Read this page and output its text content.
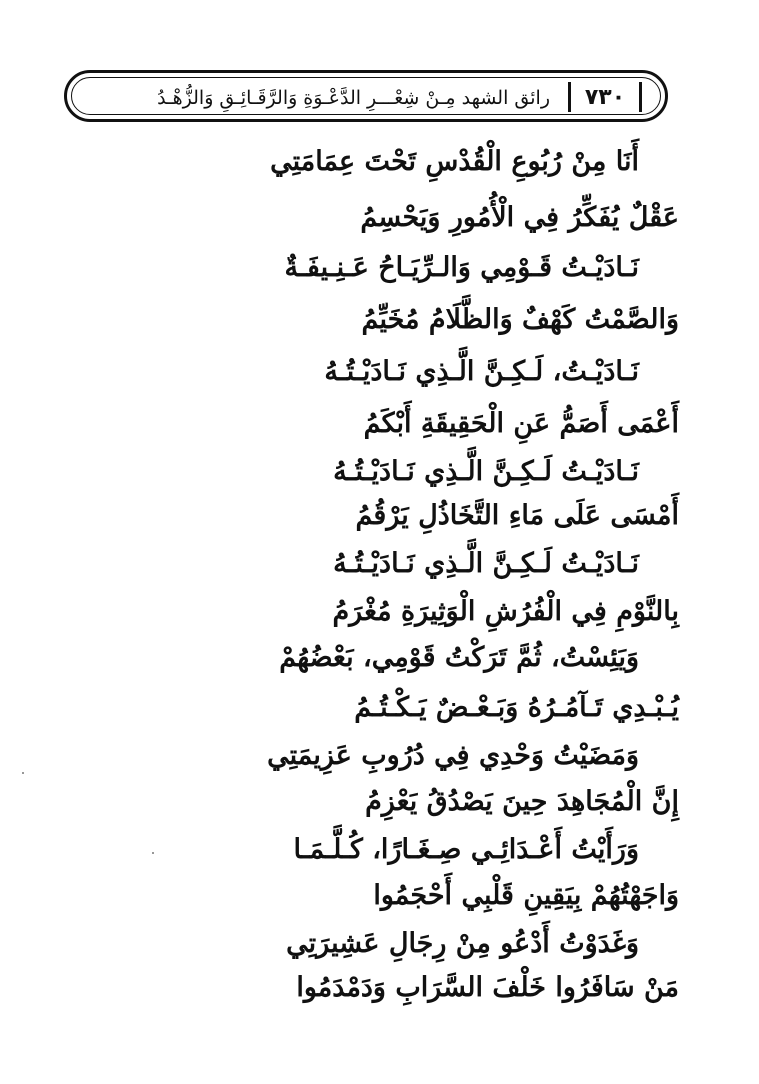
٧٣٠
رائق الشهد مِـنْ شِعْـــرِ الدَّعْـوَةِ وَالرَّقَـائِـقِ وَالزُّهْـدُ
أَنَا مِنْ رُبُوعِ الْقُدْسِ تَحْتَ عِمَامَتِي
عَقْلٌ يُفَكِّرُ فِي الْأُمُورِ وَيَحْسِمُ
نَـادَيْـتُ قَـوْمِي وَالـرِّيَـاحُ عَـنِـيفَـةٌ
وَالصَّمْتُ كَهْفٌ وَالظَّلَامُ مُخَيِّمُ
نَـادَيْـتُ، لَـكِـنَّ الَّـذِي نَـادَيْـتُـهُ
أَعْمَى أَصَمُّ عَنِ الْحَقِيقَةِ أَبْكَمُ
نَـادَيْـتُ لَـكِـنَّ الَّـذِي نَـادَيْـتُـهُ
أَمْسَى عَلَى مَاءِ التَّخَاذُلِ يَرْقُمُ
نَـادَيْـتُ لَـكِـنَّ الَّـذِي نَـادَيْـتُـهُ
بِالنَّوْمِ فِي الْفُرُشِ الْوَثِيرَةِ مُغْرَمُ
وَيَئِسْتُ، ثُمَّ تَرَكْتُ قَوْمِي، بَعْضُهُمْ
يُـبْـدِي تَـآمُـرُهُ وَبَـعْـضٌ يَـكْـتُـمُ
وَمَضَيْتُ وَحْدِي فِي دُرُوبِ عَزِيمَتِي
إِنَّ الْمُجَاهِدَ حِينَ يَصْدُقُ يَعْزِمُ
وَرَأَيْتُ أَعْـدَائِـي صِـغَـارًا، كُـلَّـمَـا
وَاجَهْتُهُمْ بِيَقِينِ قَلْبِي أَحْجَمُوا
وَغَدَوْتُ أَدْعُو مِنْ رِجَالِ عَشِيرَتِي
مَنْ سَافَرُوا خَلْفَ السَّرَابِ وَدَمْدَمُوا
